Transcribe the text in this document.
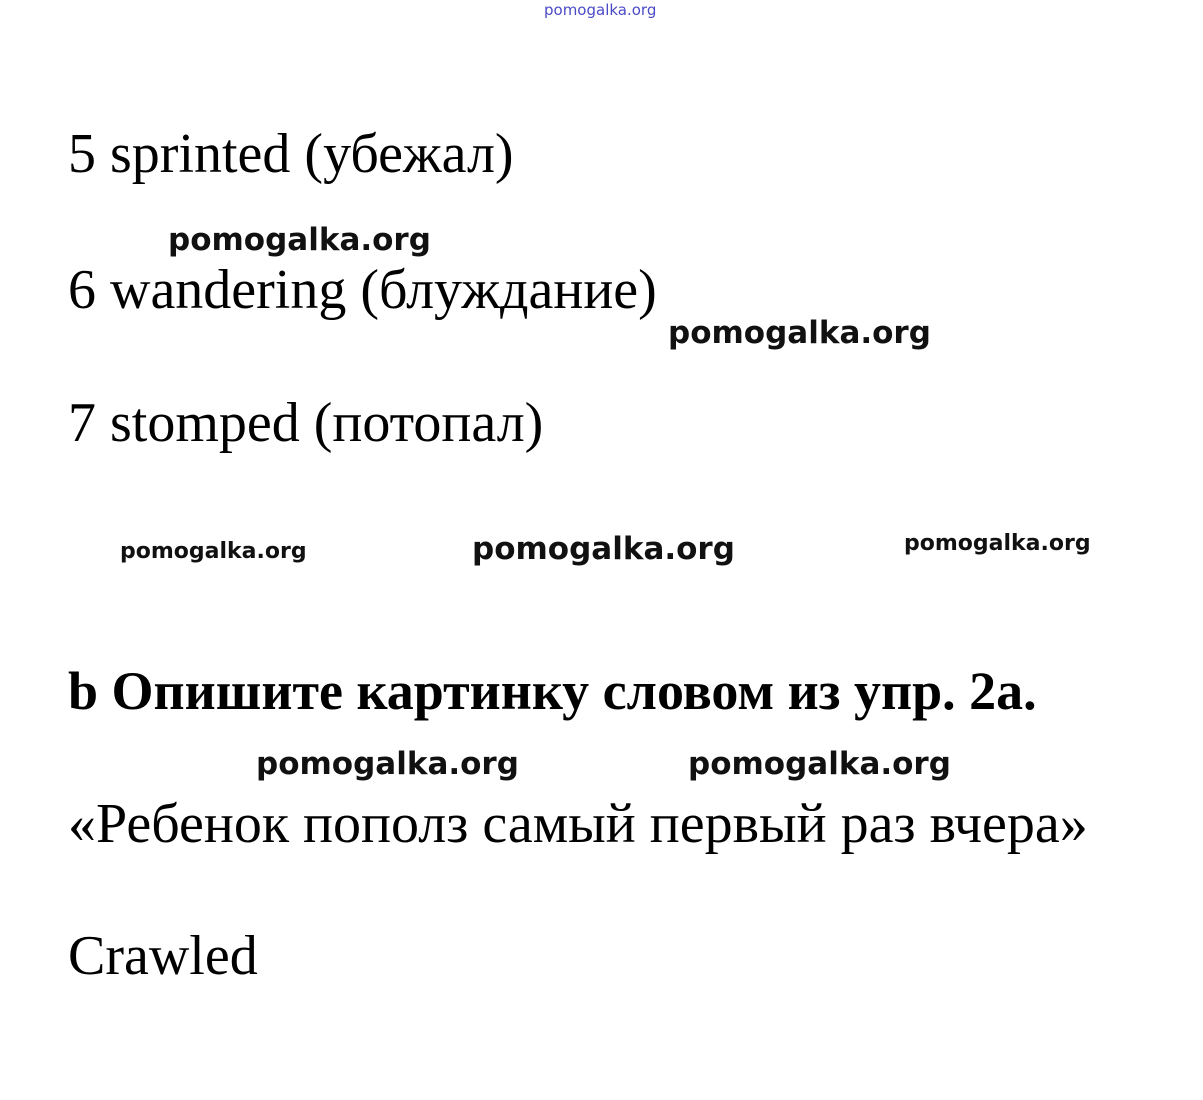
pomogalka.org
5 sprinted (убежал)
pomogalka.org
6 wandering (блуждание)
pomogalka.org
7 stomped (потопал)
pomogalka.org	pomogalka.org	pomogalka.org
b Опишите картинку словом из упр. 2а.
pomogalka.org	pomogalka.org
«Ребенок пополз самый первый раз вчера»
Crawled
